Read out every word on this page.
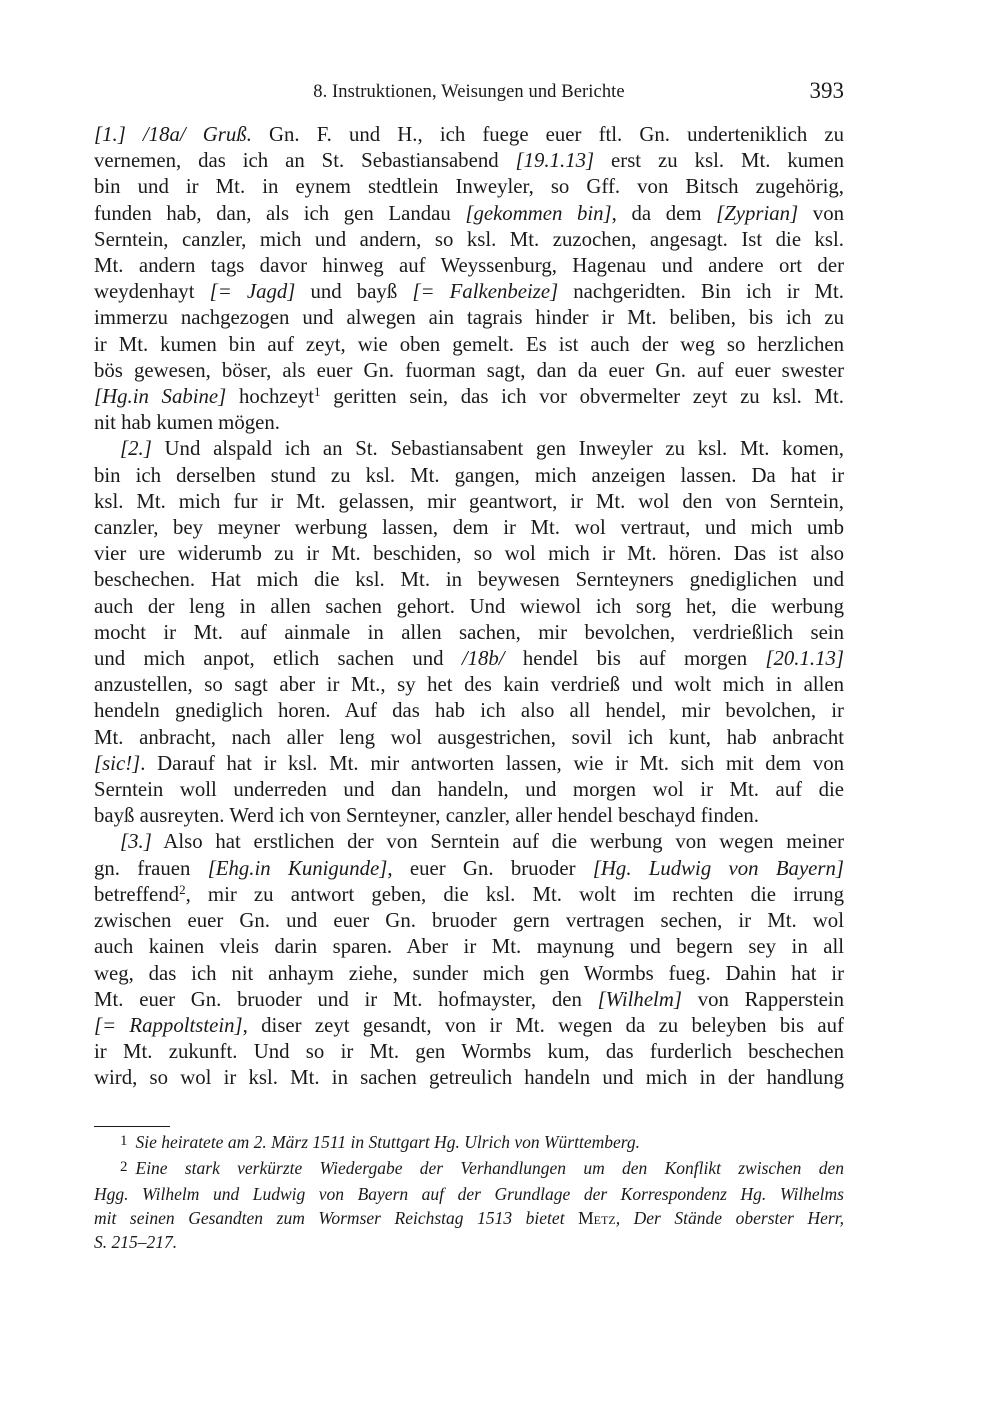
8. Instruktionen, Weisungen und Berichte	393

[1.] /18a/ Gruß. Gn. F. und H., ich fuege euer ftl. Gn. underteniklich zu
vernemen, das ich an St. Sebastiansabend [19.1.13] erst zu ksl. Mt. kumen
bin und ir Mt. in eynem stedtlein Inweyler, so Gff. von Bitsch zugehörig,
funden hab, dan, als ich gen Landau [gekommen bin], da dem [Zyprian] von
Serntein, canzler, mich und andern, so ksl. Mt. zuzochen, angesagt. Ist die ksl.
Mt. andern tags davor hinweg auf Weyssenburg, Hagenau und andere ort der
weydenhayt [= Jagd] und bayß [= Falkenbeize] nachgeridten. Bin ich ir Mt.
immerzu nachgezogen und alwegen ain tagrais hinder ir Mt. beliben, bis ich zu
ir Mt. kumen bin auf zeyt, wie oben gemelt. Es ist auch der weg so herzlichen
bös gewesen, böser, als euer Gn. fuorman sagt, dan da euer Gn. auf euer swester
[Hg.in Sabine] hochzeyt$^1$ geritten sein, das ich vor obvermelter zeyt zu ksl. Mt.
nit hab kumen mögen.

[2.] Und alspald ich an St. Sebastiansabent gen Inweyler zu ksl. Mt. komen,
bin ich derselben stund zu ksl. Mt. gangen, mich anzeigen lassen. Da hat ir
ksl. Mt. mich fur ir Mt. gelassen, mir geantwort, ir Mt. wol den von Serntein,
canzler, bey meyner werbung lassen, dem ir Mt. wol vertraut, und mich umb
vier ure widerumb zu ir Mt. beschiden, so wol mich ir Mt. hören. Das ist also
beschechen. Hat mich die ksl. Mt. in beywesen Sernteyners gnediglichen und
auch der leng in allen sachen gehort. Und wiewol ich sorg het, die werbung
mocht ir Mt. auf ainmale in allen sachen, mir bevolchen, verdrießlich sein
und mich anpot, etlich sachen und /18b/ hendel bis auf morgen [20.1.13]
anzustellen, so sagt aber ir Mt., sy het des kain verdrieß und wolt mich in allen
hendeln gnediglich horen. Auf das hab ich also all hendel, mir bevolchen, ir
Mt. anbracht, nach aller leng wol ausgestrichen, sovil ich kunt, hab anbracht
[sic!]. Darauf hat ir ksl. Mt. mir antworten lassen, wie ir Mt. sich mit dem von
Serntein woll underreden und dan handeln, und morgen wol ir Mt. auf die
bayß ausreyten. Werd ich von Sernteyner, canzler, aller hendel beschayd finden.

[3.] Also hat erstlichen der von Serntein auf die werbung von wegen meiner
gn. frauen [Ehg.in Kunigunde], euer Gn. bruoder [Hg. Ludwig von Bayern]
betreffend$^2$, mir zu antwort geben, die ksl. Mt. wolt im rechten die irrung
zwischen euer Gn. und euer Gn. bruoder gern vertragen sechen, ir Mt. wol
auch kainen vleis darin sparen. Aber ir Mt. maynung und begern sey in all
weg, das ich nit anhaym ziehe, sunder mich gen Wormbs fueg. Dahin hat ir
Mt. euer Gn. bruoder und ir Mt. hofmayster, den [Wilhelm] von Rapperstein
[= Rappoltstein], diser zeyt gesandt, von ir Mt. wegen da zu beleyben bis auf
ir Mt. zukunft. Und so ir Mt. gen Wormbs kum, das furderlich beschechen
wird, so wol ir ksl. Mt. in sachen getreulich handeln und mich in der handlung

1 Sie heiratete am 2. März 1511 in Stuttgart Hg. Ulrich von Württemberg.

2 Eine stark verkürzte Wiedergabe der Verhandlungen um den Konflikt zwischen den
Hgg. Wilhelm und Ludwig von Bayern auf der Grundlage der Korrespondenz Hg. Wilhelms
mit seinen Gesandten zum Wormser Reichstag 1513 bietet Metz, Der Stände oberster Herr,
S. 215–217.
